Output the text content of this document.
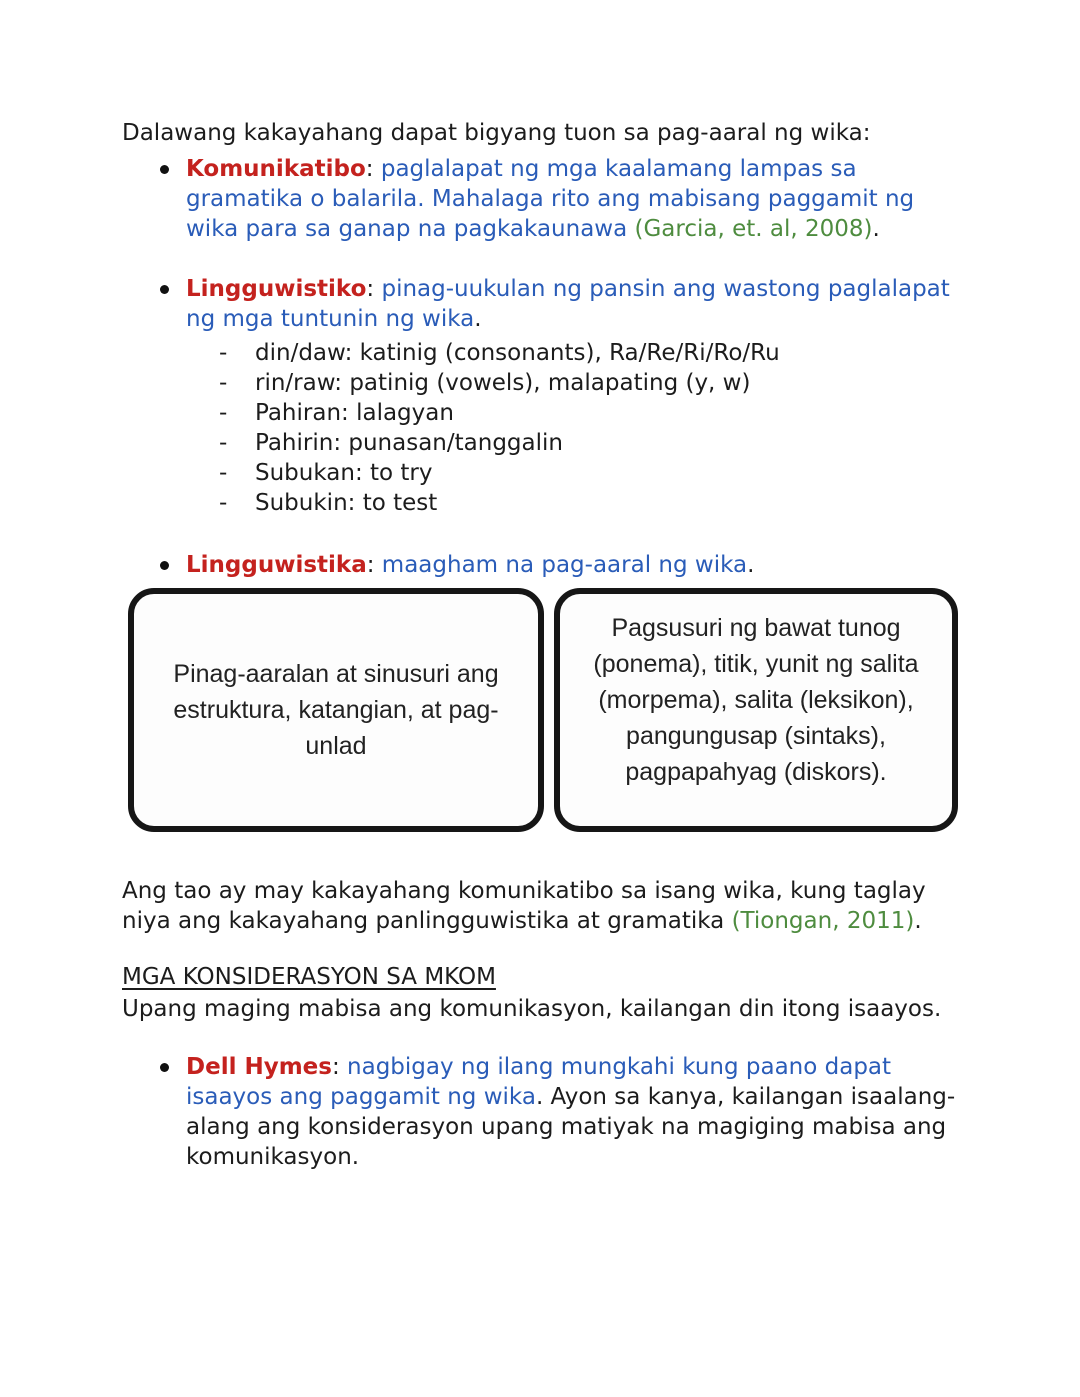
Dalawang kakayahang dapat bigyang tuon sa pag-aaral ng wika:

Komunikatibo: paglalapat ng mga kaalamang lampas sa gramatika o balarila. Mahalaga rito ang mabisang paggamit ng wika para sa ganap na pagkakaunawa (Garcia, et. al, 2008).

Lingguwistiko: pinag-uukulan ng pansin ang wastong paglalapat ng mga tuntunin ng wika.

-	din/daw: katinig (consonants), Ra/Re/Ri/Ro/Ru
-	rin/raw: patinig (vowels), malapating (y, w)
-	Pahiran: lalagyan
-	Pahirin: punasan/tanggalin
-	Subukan: to try
-	Subukin: to test

Lingguwistika: maagham na pag-aaral ng wika.

Pinag-aaralan at sinusuri ang
estruktura, katangian, at pag-
unlad
Pagsusuri ng bawat tunog
(ponema), titik, yunit ng salita
(morpema), salita (leksikon),
pangungusap (sintaks),
pagpapahyag (diskors).

Ang tao ay may kakayahang komunikatibo sa isang wika, kung taglay niya ang kakayahang panlingguwistika at gramatika (Tiongan, 2011).

MGA KONSIDERASYON SA MKOM

Upang maging mabisa ang komunikasyon, kailangan din itong isaayos.

Dell Hymes: nagbigay ng ilang mungkahi kung paano dapat isaayos ang paggamit ng wika. Ayon sa kanya, kailangan isaalang-alang ang konsiderasyon upang matiyak na magiging mabisa ang komunikasyon.
